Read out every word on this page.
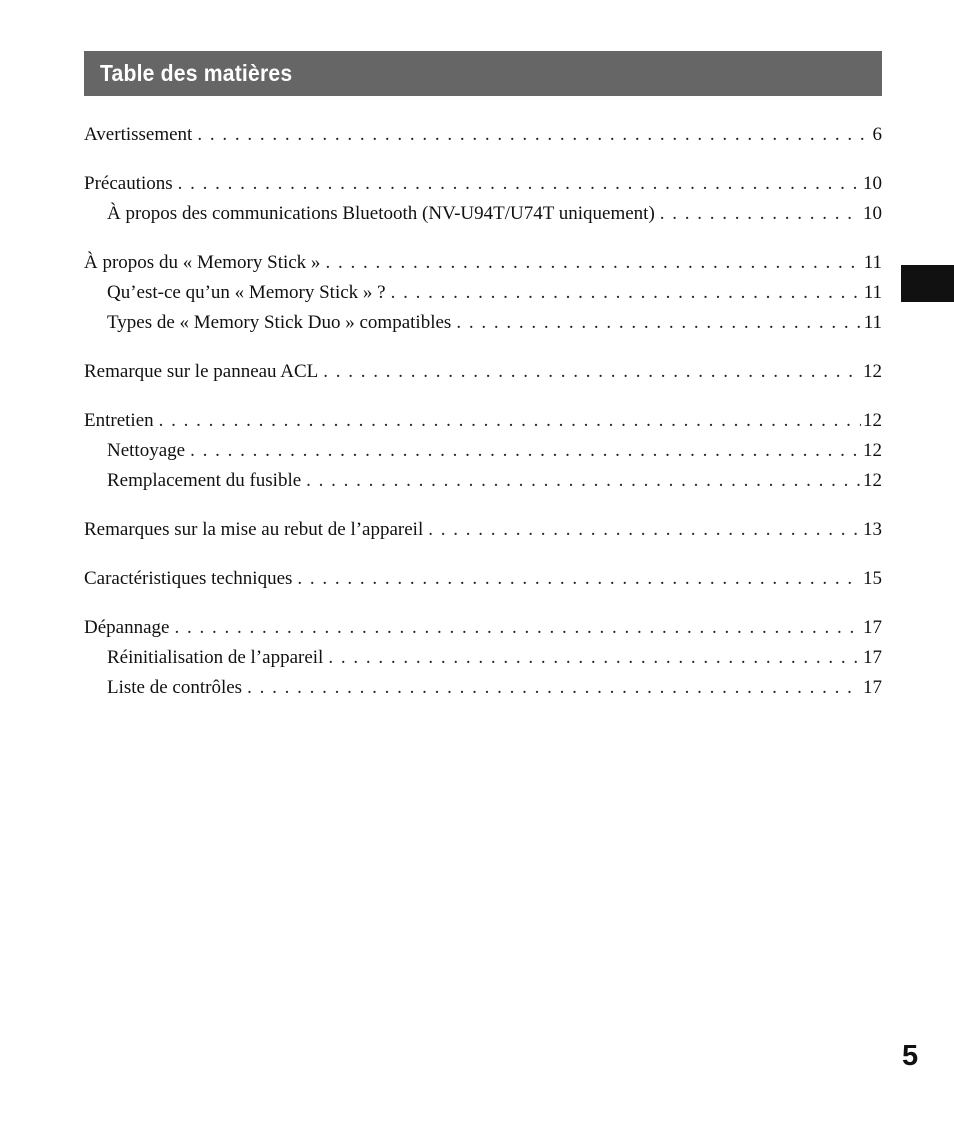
Table des matières
Avertissement . . .	6
Précautions . . .	10
À propos des communications Bluetooth (NV-U94T/U74T uniquement) . . .	10
À propos du « Memory Stick » . . .	11
Qu’est-ce qu’un « Memory Stick » ? . . .	11
Types de « Memory Stick Duo » compatibles . . .	11
Remarque sur le panneau ACL . . .	12
Entretien . . .	12
Nettoyage . . .	12
Remplacement du fusible . . .	12
Remarques sur la mise au rebut de l’appareil . . .	13
Caractéristiques techniques . . .	15
Dépannage . . .	17
Réinitialisation de l’appareil . . .	17
Liste de contrôles . . .	17
5
